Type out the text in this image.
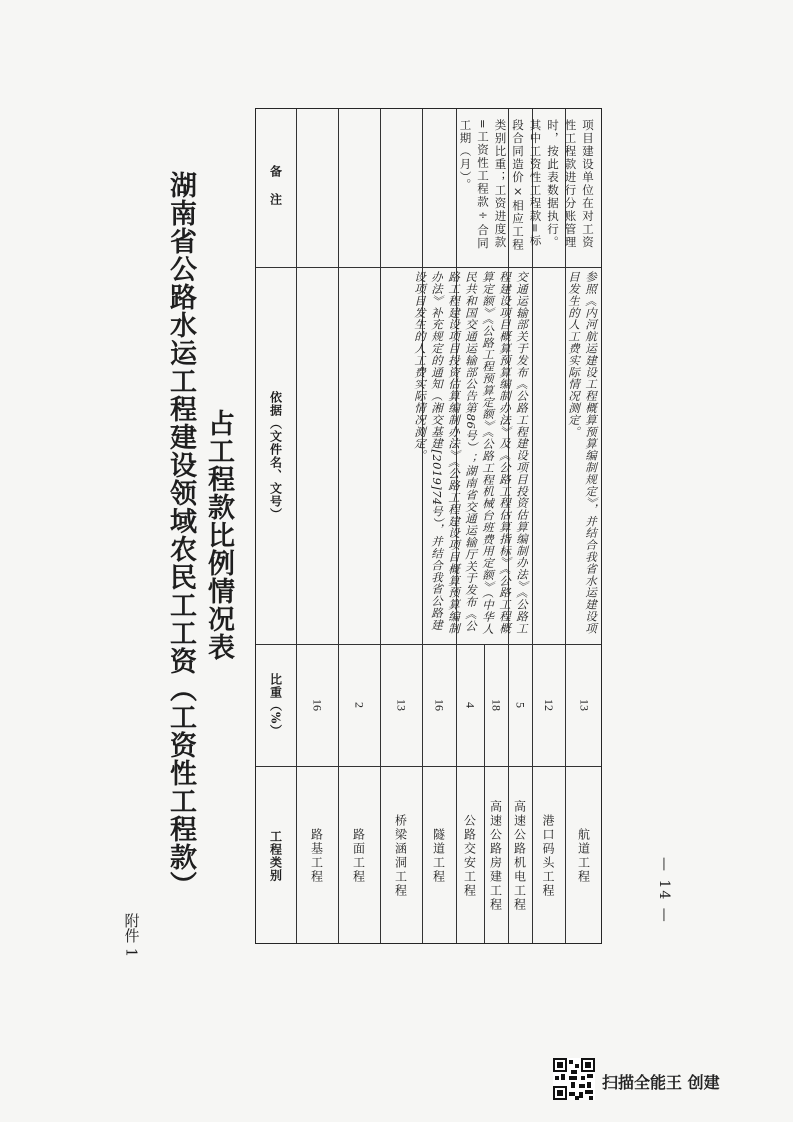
附件 1
湖南省公路水运工程建设领域农民工工资（工资性工程款） 占工程款比例情况表
工程类别
比重（%）
依据（文件名、文号）
备 注
路基工程 路面工程 桥梁涵洞工程 隧道工程 公路交安工程 高速公路房建工程 高速公路机电工程 港口码头工程 航道工程
16 2 13 16 4 18 5 12 13
交通运输部关于发布《公路工程建设项目投资估算编制办法》《公路工程建设项目概算预算编制办法》及《公路工程估算指标》《公路工程概算定额》《公路工程预算定额》《公路工程机械台班费用定额》（中华人民共和国交通运输部公告第86号）；湖南省交通运输厅关于发布《公路工程建设项目投资估算编制办法》《公路工程建设项目概算预算编制办法》补充规定的通知（湘交基建[2019]74号），并结合我省公路建设项目发生的人工费实际情况测定。	参照《内河航运建设工程概算预算编制规定》，并结合我省水运建设项目发生的人工费实际情况测定。
项目建设单位在对工资性工程款进行分账管理时，按此表数据执行。其中工资性工程款=标段合同造价×相应工程类别比重；工资进度款=工资性工程款÷合同工期（月）。
— 14 —
扫描全能王 创建
